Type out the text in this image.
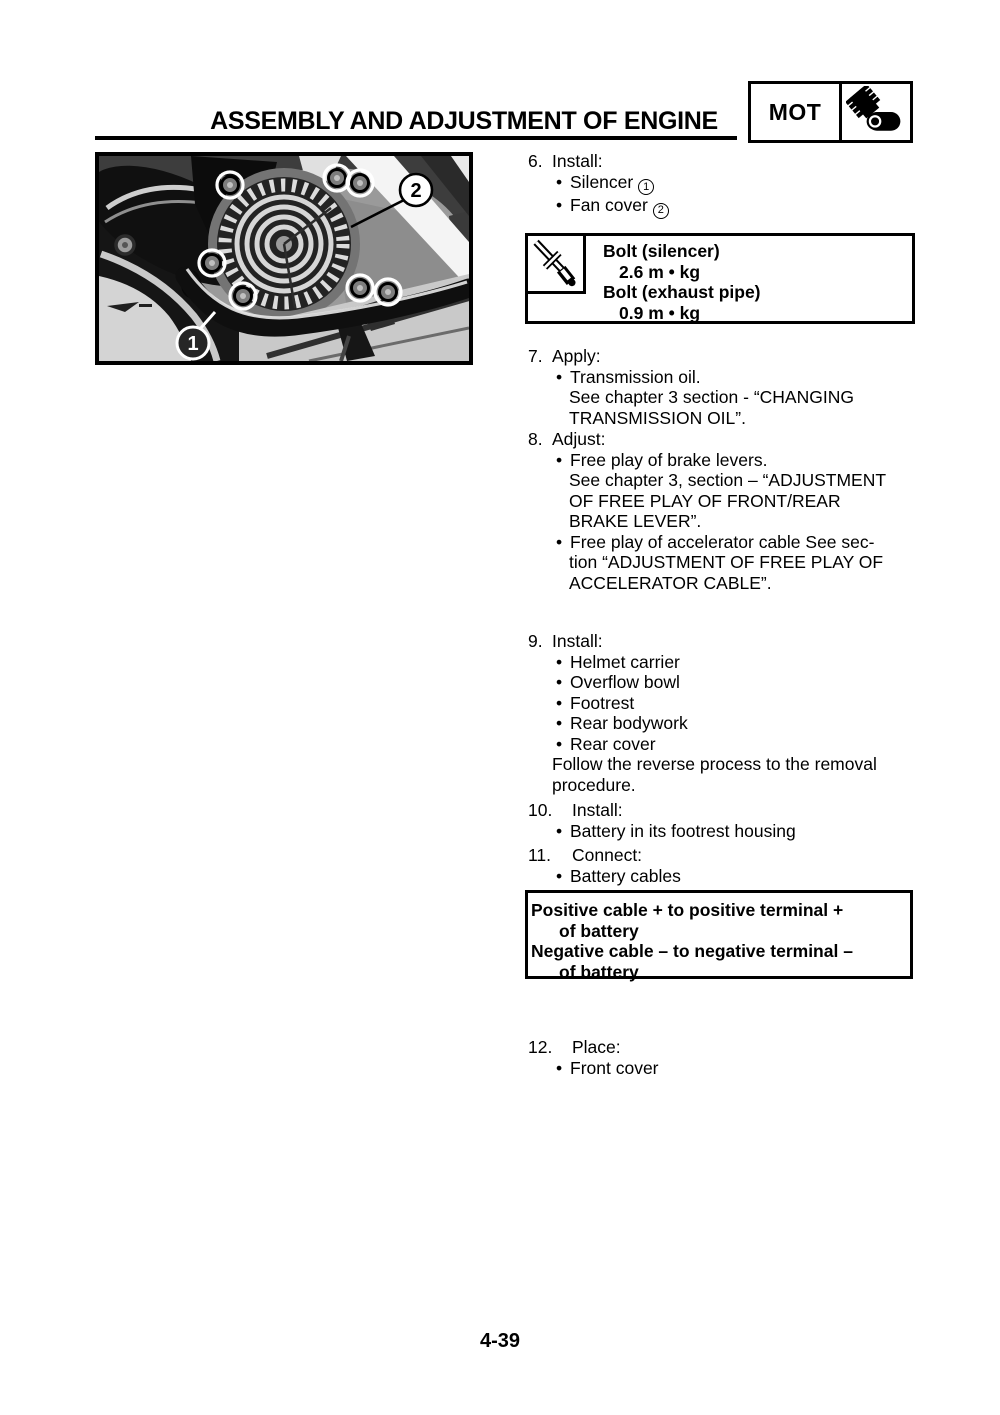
ASSEMBLY AND ADJUSTMENT OF ENGINE	MOT
2
1
6. Install:
• Silencer 1
• Fan cover 2
Bolt (silencer)
2.6 m • kg
Bolt (exhaust pipe)
0.9 m • kg
7. Apply:
• Transmission oil.
See chapter 3 section - “CHANGING
TRANSMISSION OIL”.
8. Adjust:
• Free play of brake levers.
See chapter 3, section – “ADJUSTMENT
OF FREE PLAY OF FRONT/REAR
BRAKE LEVER”.
• Free play of accelerator cable See sec-
tion “ADJUSTMENT OF FREE PLAY OF
ACCELERATOR CABLE”.
9. Install:
• Helmet carrier
• Overflow bowl
• Footrest
• Rear bodywork
• Rear cover
Follow the reverse process to the removal
procedure.
10. Install:
• Battery in its footrest housing
11. Connect:
• Battery cables
Positive cable + to positive terminal +
of battery
Negative cable – to negative terminal –
of battery
12. Place:
• Front cover
4-39
